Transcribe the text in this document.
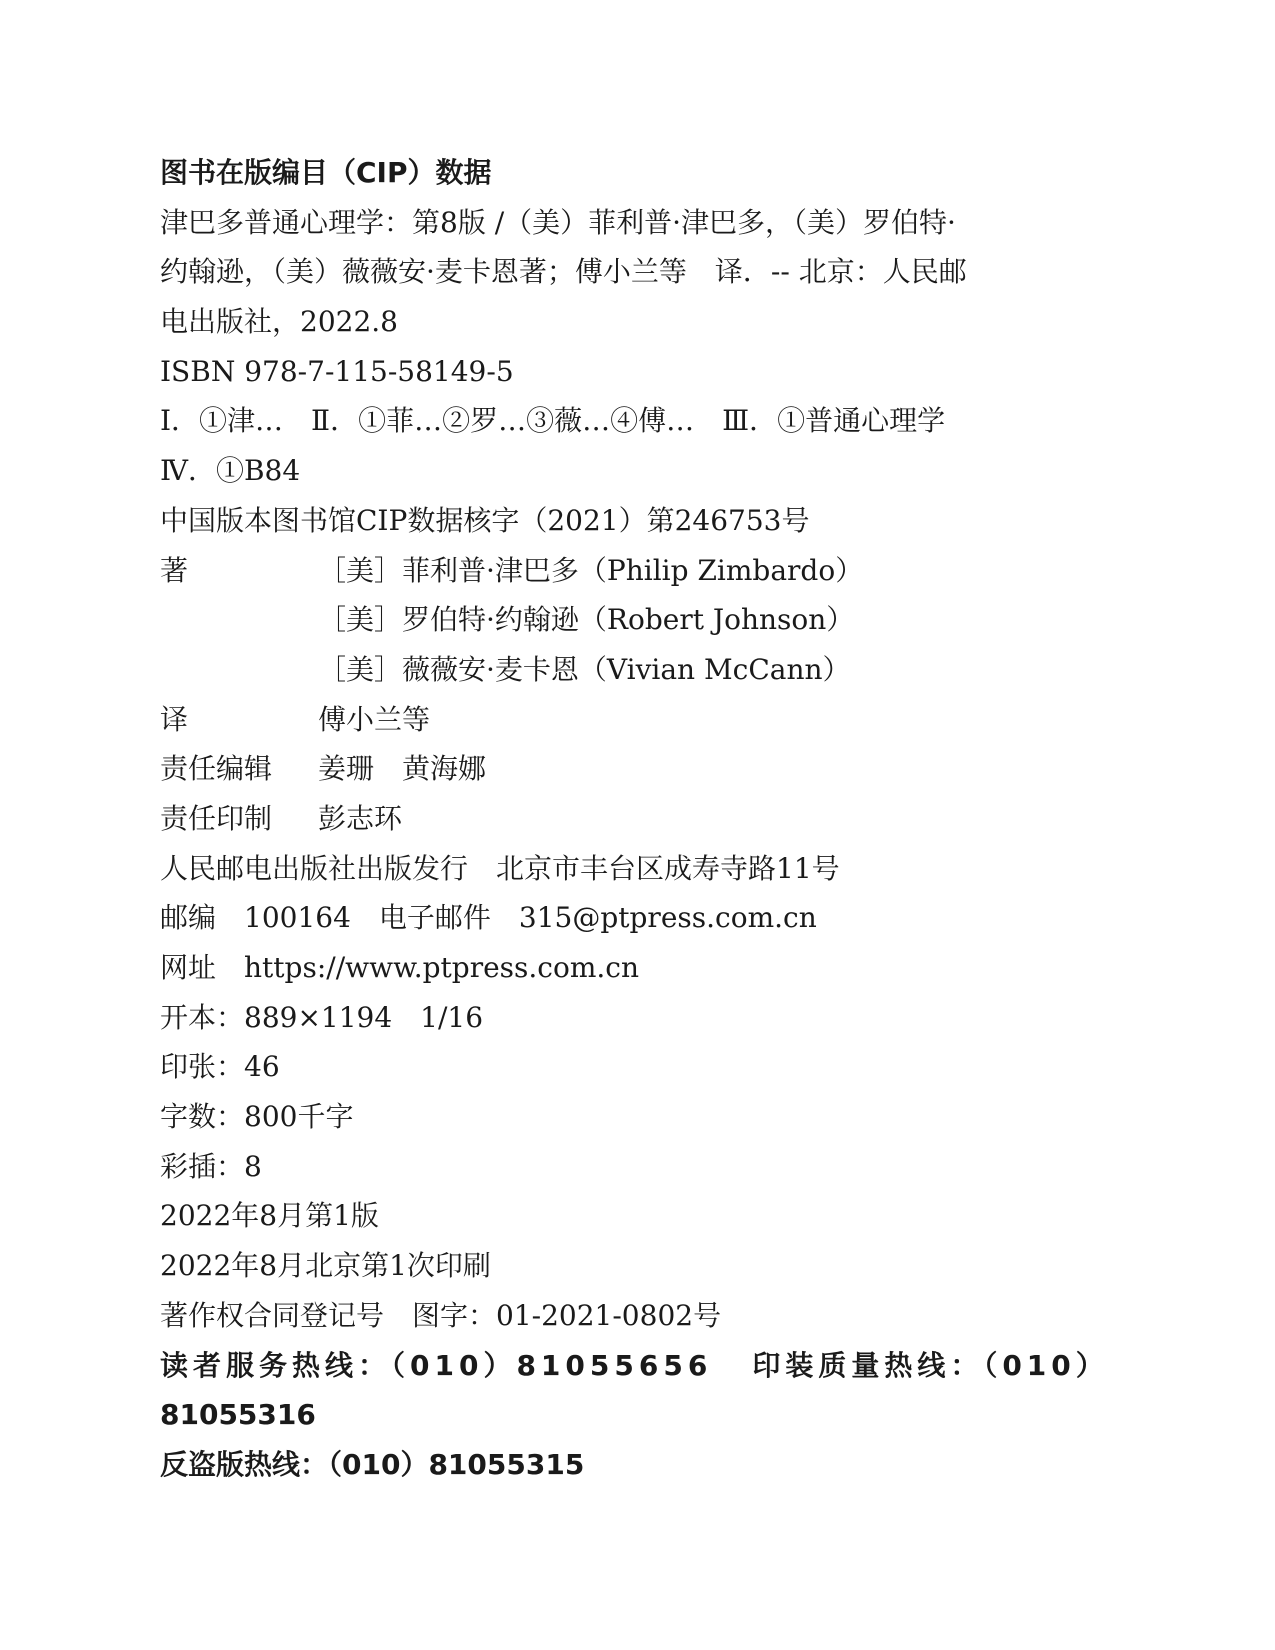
图书在版编目（CIP）数据
津巴多普通心理学：第8版 /（美）菲利普·津巴多，（美）罗伯特·
约翰逊，（美）薇薇安·麦卡恩著；傅小兰等　译．-- 北京：人民邮
电出版社，2022.8
ISBN 978-7-115-58149-5
Ⅰ．①津…　Ⅱ．①菲…②罗…③薇…④傅…　Ⅲ．①普通心理学
Ⅳ．①B84
中国版本图书馆CIP数据核字（2021）第246753号
著	［美］菲利普·津巴多（Philip Zimbardo）
［美］罗伯特·约翰逊（Robert Johnson）
［美］薇薇安·麦卡恩（Vivian McCann）
译	傅小兰等
责任编辑	姜珊　黄海娜
责任印制	彭志环
人民邮电出版社出版发行　北京市丰台区成寿寺路11号
邮编　100164　电子邮件　315@ptpress.com.cn
网址　https://www.ptpress.com.cn
开本：889×1194　1/16
印张：46
字数：800千字
彩插：8
2022年8月第1版
2022年8月北京第1次印刷
著作权合同登记号　图字：01-2021-0802号
读者服务热线：（010）81055656 印装质量热线：（010）
81055316
反盗版热线：（010）81055315
